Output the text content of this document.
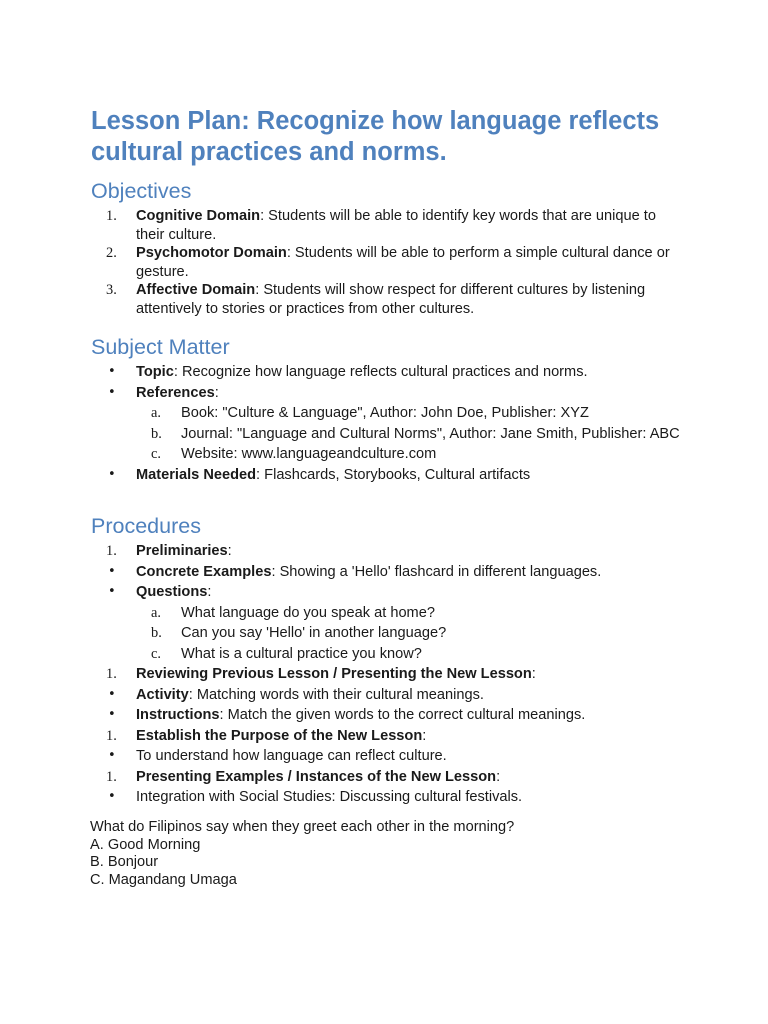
Lesson Plan: Recognize how language reflects cultural practices and norms.
Objectives
1. Cognitive Domain: Students will be able to identify key words that are unique to their culture.
2. Psychomotor Domain: Students will be able to perform a simple cultural dance or gesture.
3. Affective Domain: Students will show respect for different cultures by listening attentively to stories or practices from other cultures.
Subject Matter
• Topic: Recognize how language reflects cultural practices and norms.
• References:
a. Book: "Culture & Language", Author: John Doe, Publisher: XYZ
b. Journal: "Language and Cultural Norms", Author: Jane Smith, Publisher: ABC
c. Website: www.languageandculture.com
• Materials Needed: Flashcards, Storybooks, Cultural artifacts
Procedures
1. Preliminaries:
• Concrete Examples: Showing a 'Hello' flashcard in different languages.
• Questions:
a. What language do you speak at home?
b. Can you say 'Hello' in another language?
c. What is a cultural practice you know?
1. Reviewing Previous Lesson / Presenting the New Lesson:
• Activity: Matching words with their cultural meanings.
• Instructions: Match the given words to the correct cultural meanings.
1. Establish the Purpose of the New Lesson:
• To understand how language can reflect culture.
1. Presenting Examples / Instances of the New Lesson:
• Integration with Social Studies: Discussing cultural festivals.
What do Filipinos say when they greet each other in the morning?
A. Good Morning
B. Bonjour
C. Magandang Umaga
